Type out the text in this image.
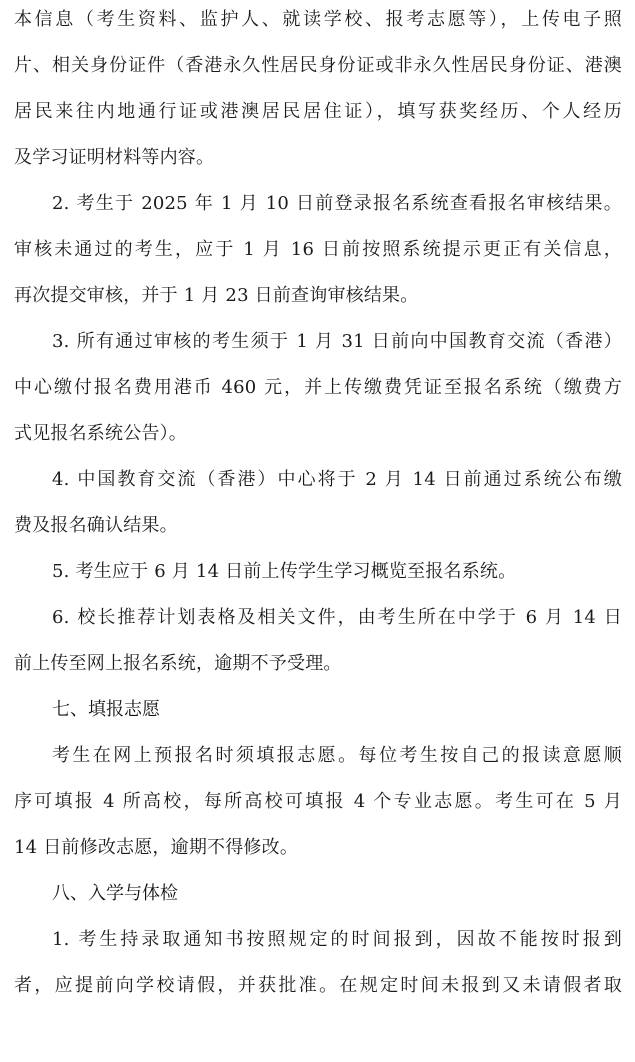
本信息（考生资料、监护人、就读学校、报考志愿等），上传电子照
片、相关身份证件（香港永久性居民身份证或非永久性居民身份证、港澳
居民来往内地通行证或港澳居民居住证），填写获奖经历、个人经历
及学习证明材料等内容。
2. 考生于 2025 年 1 月 10 日前登录报名系统查看报名审核结果。
审核未通过的考生，应于 1 月 16 日前按照系统提示更正有关信息，
再次提交审核，并于 1 月 23 日前查询审核结果。
3. 所有通过审核的考生须于 1 月 31 日前向中国教育交流（香港）
中心缴付报名费用港币 460 元，并上传缴费凭证至报名系统（缴费方
式见报名系统公告）。
4. 中国教育交流（香港）中心将于 2 月 14 日前通过系统公布缴
费及报名确认结果。
5. 考生应于 6 月 14 日前上传学生学习概览至报名系统。
6. 校长推荐计划表格及相关文件，由考生所在中学于 6 月 14 日
前上传至网上报名系统，逾期不予受理。
七、填报志愿
考生在网上预报名时须填报志愿。每位考生按自己的报读意愿顺
序可填报 4 所高校，每所高校可填报 4 个专业志愿。考生可在 5 月
14 日前修改志愿，逾期不得修改。
八、入学与体检
1. 考生持录取通知书按照规定的时间报到，因故不能按时报到
者，应提前向学校请假，并获批准。在规定时间未报到又未请假者取
